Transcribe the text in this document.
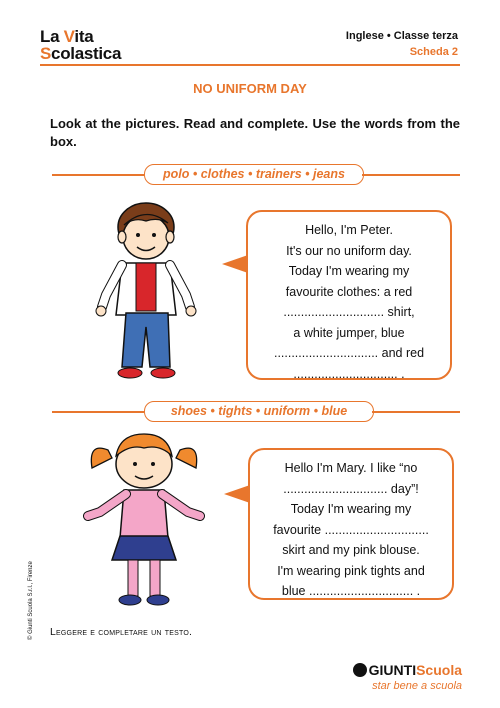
La Vita
Scolastica
Inglese • Classe terza
Scheda 2
NO UNIFORM DAY
Look at the pictures. Read and complete. Use the words from the box.
polo • clothes • trainers • jeans
Hello, I'm Peter.
It's our no uniform day.
Today I'm wearing my
favourite clothes: a red
............................. shirt,
a white jumper, blue
.............................. and red
.............................. .
shoes • tights • uniform • blue
Hello I'm Mary. I like “no
.............................. day”!
Today I'm wearing my
favourite ..............................
skirt and my pink blouse.
I'm wearing pink tights and
blue .............................. .
Leggere e completare un testo.
© Giunti Scuola S.r.l., Firenze
GIUNTIScuola
star bene a scuola
